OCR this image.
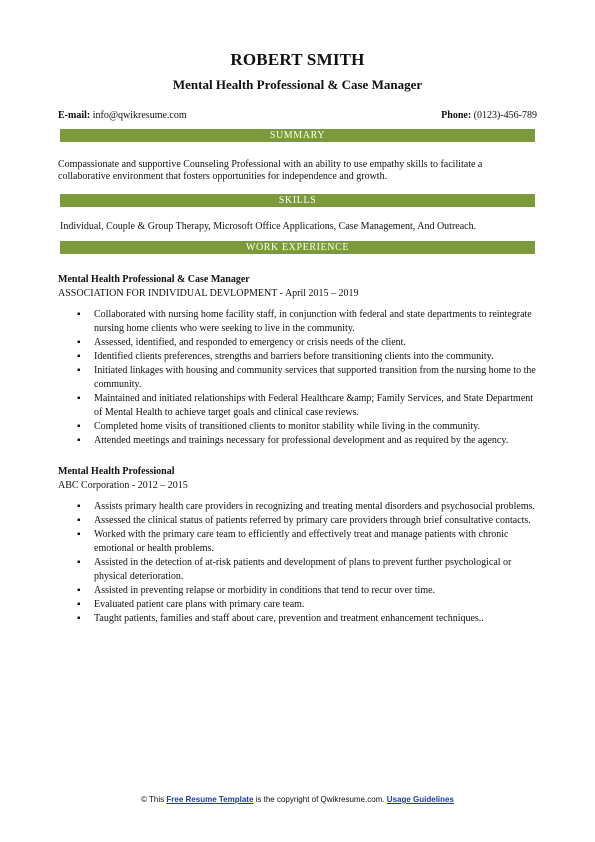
ROBERT SMITH
Mental Health Professional & Case Manager
E-mail: info@qwikresume.com	Phone: (0123)-456-789
SUMMARY
Compassionate and supportive Counseling Professional with an ability to use empathy skills to facilitate a collaborative environment that fosters opportunities for independence and growth.
SKILLS
Individual, Couple & Group Therapy, Microsoft Office Applications, Case Management, And Outreach.
WORK EXPERIENCE
Mental Health Professional & Case Manager
ASSOCIATION FOR INDIVIDUAL DEVLOPMENT - April 2015 – 2019
▪ Collaborated with nursing home facility staff, in conjunction with federal and state departments to reintegrate nursing home clients who were seeking to live in the community.
▪ Assessed, identified, and responded to emergency or crisis needs of the client.
▪ Identified clients preferences, strengths and barriers before transitioning clients into the community.
▪ Initiated linkages with housing and community services that supported transition from the nursing home to the community.
▪ Maintained and initiated relationships with Federal Healthcare &amp; Family Services, and State Department of Mental Health to achieve target goals and clinical case reviews.
▪ Completed home visits of transitioned clients to monitor stability while living in the community.
▪ Attended meetings and trainings necessary for professional development and as required by the agency.
Mental Health Professional
ABC Corporation - 2012 – 2015
▪ Assists primary health care providers in recognizing and treating mental disorders and psychosocial problems.
▪ Assessed the clinical status of patients referred by primary care providers through brief consultative contacts.
▪ Worked with the primary care team to efficiently and effectively treat and manage patients with chronic emotional or health problems.
▪ Assisted in the detection of at-risk patients and development of plans to prevent further psychological or physical deterioration.
▪ Assisted in preventing relapse or morbidity in conditions that tend to recur over time.
▪ Evaluated patient care plans with primary care team.
▪ Taught patients, families and staff about care, prevention and treatment enhancement techniques..
© This Free Resume Template is the copyright of Qwikresume.com. Usage Guidelines
